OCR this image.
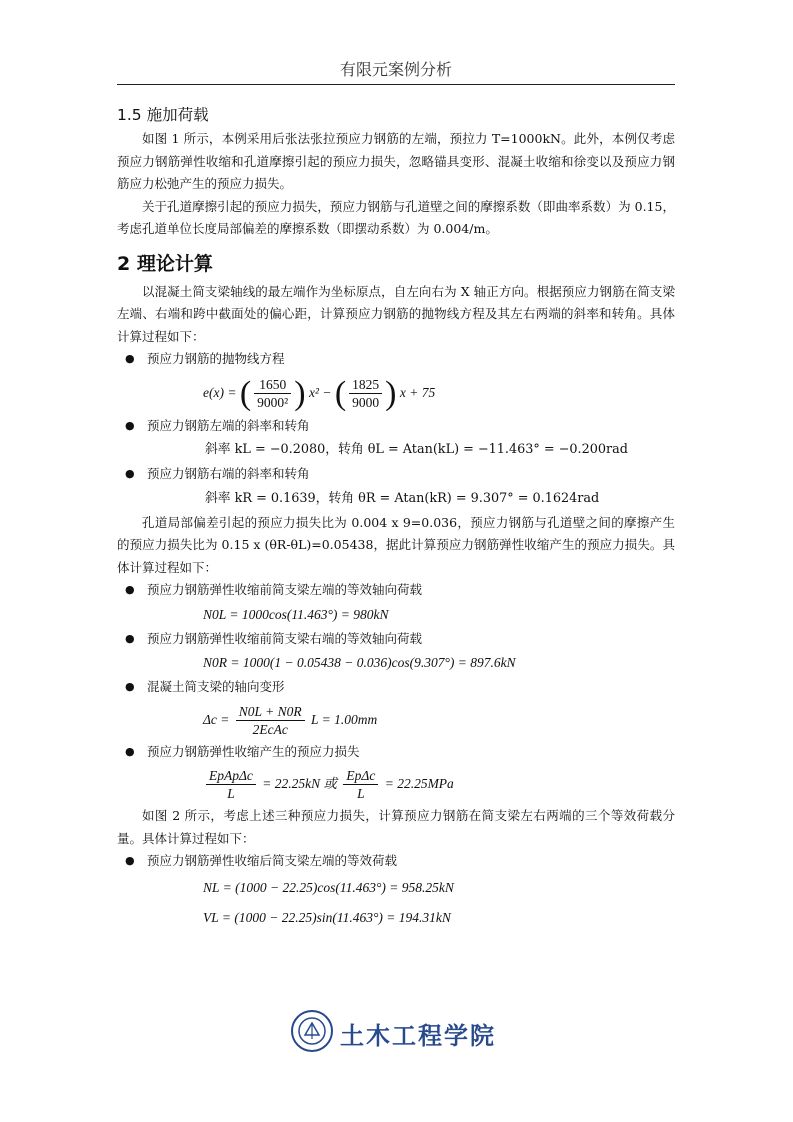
有限元案例分析
1.5 施加荷载

如图 1 所示，本例采用后张法张拉预应力钢筋的左端，预拉力 T=1000kN。此外，本例仅考虑预应力钢筋弹性收缩和孔道摩擦引起的预应力损失，忽略锚具变形、混凝土收缩和徐变以及预应力钢筋应力松弛产生的预应力损失。

关于孔道摩擦引起的预应力损失，预应力钢筋与孔道壁之间的摩擦系数（即曲率系数）为 0.15，考虑孔道单位长度局部偏差的摩擦系数（即摆动系数）为 0.004/m。

2 理论计算

以混凝土简支梁轴线的最左端作为坐标原点，自左向右为 X 轴正方向。根据预应力钢筋在简支梁左端、右端和跨中截面处的偏心距，计算预应力钢筋的抛物线方程及其左右两端的斜率和转角。具体计算过程如下：

● 预应力钢筋的抛物线方程
e(x) = ( $\frac{1650}{\text{9000²}}$ ) x² − ( $\frac{1825}{9000}$ ) x + 75
● 预应力钢筋左端的斜率和转角
斜率 kL = −0.2080，转角 θL = Atan(kL) = −11.463° = −0.200rad
● 预应力钢筋右端的斜率和转角
斜率 kR = 0.1639，转角 θR = Atan(kR) = 9.307° = 0.1624rad

孔道局部偏差引起的预应力损失比为 0.004 x 9=0.036，预应力钢筋与孔道壁之间的摩擦产生的预应力损失比为 0.15 x (θR-θL)=0.05438，据此计算预应力钢筋弹性收缩产生的预应力损失。具体计算过程如下：

● 预应力钢筋弹性收缩前简支梁左端的等效轴向荷载
N0L = 1000cos(11.463°) = 980kN
● 预应力钢筋弹性收缩前简支梁右端的等效轴向荷载
N0R = 1000(1 − 0.05438 − 0.036)cos(9.307°) = 897.6kN
● 混凝土简支梁的轴向变形
$\Delta c = \frac{N0L + N0R}{\text{2EcAc}}$ L = 1.00mm
● 预应力钢筋弹性收缩产生的预应力损失
$\frac{\text{EpApΔc}}{L} = 22.25kN$ 或 $\frac{\text{EpΔc}}{L} = 22.25MPa$

如图 2 所示，考虑上述三种预应力损失，计算预应力钢筋在简支梁左右两端的三个等效荷载分量。具体计算过程如下：

● 预应力钢筋弹性收缩后简支梁左端的等效荷载
NL = (1000 − 22.25)cos(11.463°) = 958.25kN
VL = (1000 − 22.25)sin(11.463°) = 194.31kN
土木工程学院
